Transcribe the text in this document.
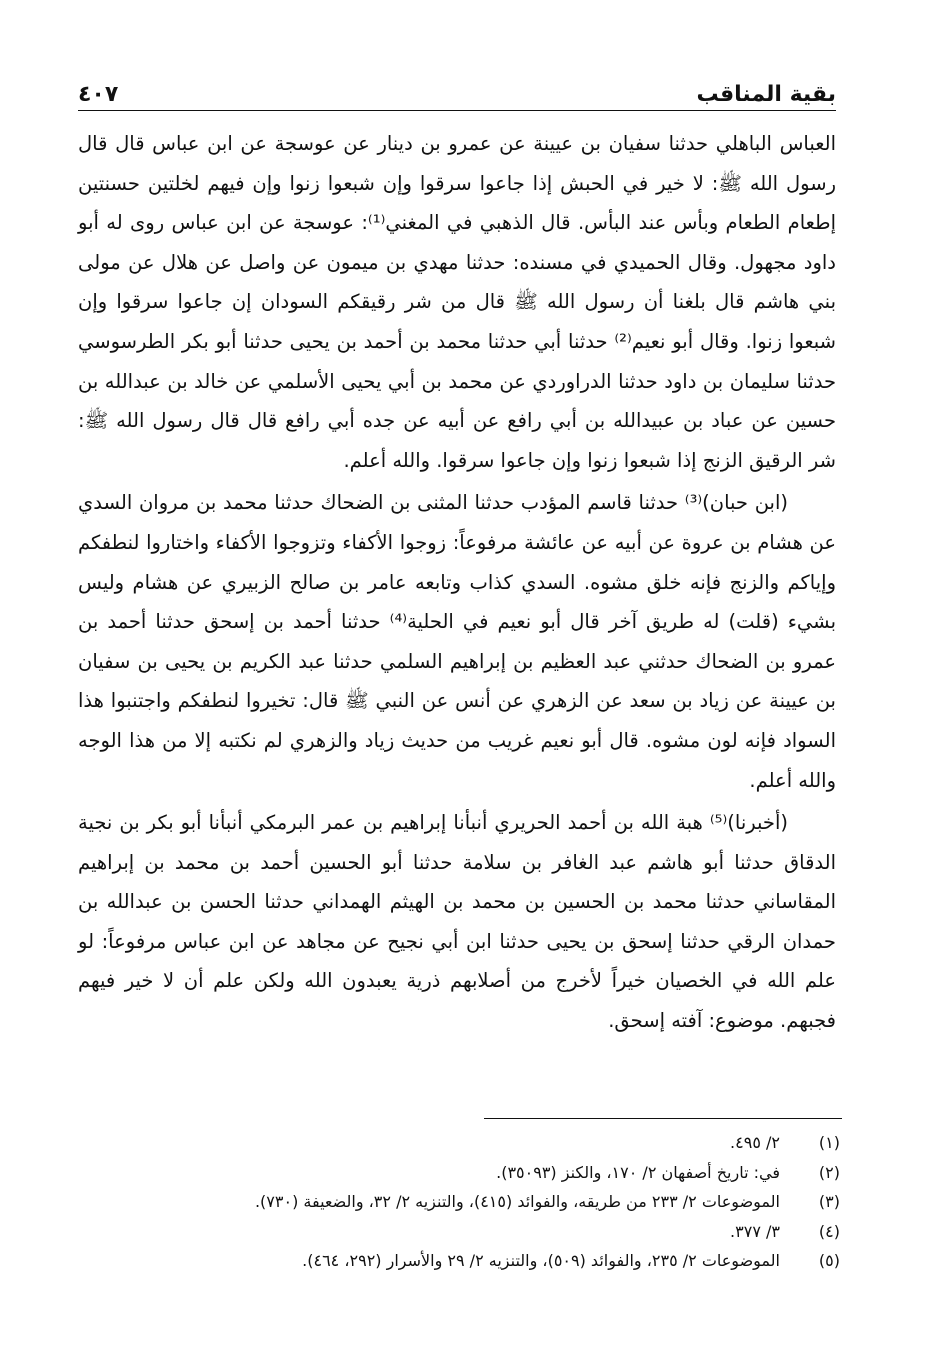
بقية المناقب
٤٠٧

العباس الباهلي حدثنا سفيان بن عيينة عن عمرو بن دينار عن عوسجة عن ابن عباس قال قال رسول الله ﷺ: لا خير في الحبش إذا جاعوا سرقوا وإن شبعوا زنوا وإن فيهم لخلتين حسنتين إطعام الطعام وبأس عند البأس. قال الذهبي في المغني⁽¹⁾: عوسجة عن ابن عباس روى له أبو داود مجهول. وقال الحميدي في مسنده: حدثنا مهدي بن ميمون عن واصل عن هلال عن مولى بني هاشم قال بلغنا أن رسول الله ﷺ قال من شر رقيقكم السودان إن جاعوا سرقوا وإن شبعوا زنوا. وقال أبو نعيم⁽²⁾ حدثنا أبي حدثنا محمد بن أحمد بن يحيى حدثنا أبو بكر الطرسوسي حدثنا سليمان بن داود حدثنا الدراوردي عن محمد بن أبي يحيى الأسلمي عن خالد بن عبدالله بن حسين عن عباد بن عبيدالله بن أبي رافع عن أبيه عن جده أبي رافع قال قال رسول الله ﷺ: شر الرقيق الزنج إذا شبعوا زنوا وإن جاعوا سرقوا. والله أعلم.

(ابن حبان)⁽³⁾ حدثنا قاسم المؤدب حدثنا المثنى بن الضحاك حدثنا محمد بن مروان السدي عن هشام بن عروة عن أبيه عن عائشة مرفوعاً: زوجوا الأكفاء وتزوجوا الأكفاء واختاروا لنطفكم وإياكم والزنج فإنه خلق مشوه. السدي كذاب وتابعه عامر بن صالح الزبيري عن هشام وليس بشيء (قلت) له طريق آخر قال أبو نعيم في الحلية⁽⁴⁾ حدثنا أحمد بن إسحق حدثنا أحمد بن عمرو بن الضحاك حدثني عبد العظيم بن إبراهيم السلمي حدثنا عبد الكريم بن يحيى بن سفيان بن عيينة عن زياد بن سعد عن الزهري عن أنس عن النبي ﷺ قال: تخيروا لنطفكم واجتنبوا هذا السواد فإنه لون مشوه. قال أبو نعيم غريب من حديث زياد والزهري لم نكتبه إلا من هذا الوجه والله أعلم.

(أخبرنا)⁽⁵⁾ هبة الله بن أحمد الحريري أنبأنا إبراهيم بن عمر البرمكي أنبأنا أبو بكر بن نجية الدقاق حدثنا أبو هاشم عبد الغافر بن سلامة حدثنا أبو الحسين أحمد بن محمد بن إبراهيم المقاساني حدثنا محمد بن الحسين بن محمد بن الهيثم الهمداني حدثنا الحسن بن عبدالله بن حمدان الرقي حدثنا إسحق بن يحيى حدثنا ابن أبي نجيح عن مجاهد عن ابن عباس مرفوعاً: لو علم الله في الخصيان خيراً لأخرج من أصلابهم ذرية يعبدون الله ولكن علم أن لا خير فيهم فجبهم. موضوع: آفته إسحق.

(١)
٢/ ٤٩٥.
(٢)
في: تاريخ أصفهان ٢/ ١٧٠، والكنز (٣٥٠٩٣).
(٣)
الموضوعات ٢/ ٢٣٣ من طريقه، والفوائد (٤١٥)، والتنزيه ٢/ ٣٢، والضعيفة (٧٣٠).
(٤)
٣/ ٣٧٧.
(٥)
الموضوعات ٢/ ٢٣٥، والفوائد (٥٠٩)، والتنزيه ٢/ ٢٩ والأسرار (٢٩٢، ٤٦٤).
